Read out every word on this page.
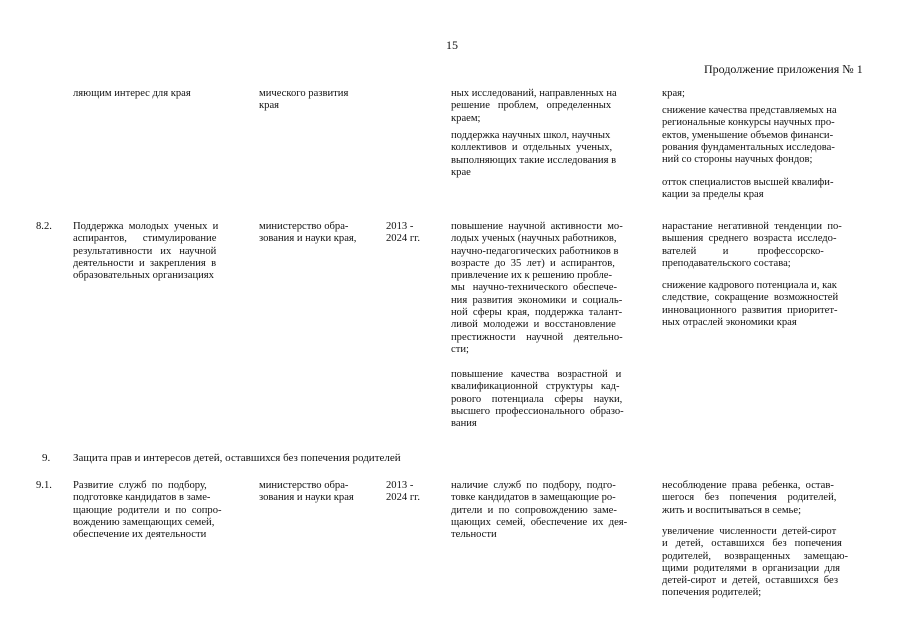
15
Продолжение приложения № 1
ляющим интерес для края	мического развития
края
ных исследований, направленных на
решение   проблем,   определенных
краем;
поддержка научных школ, научных
коллективов  и  отдельных  ученых,
выполняющих такие исследования в
крае
края;
снижение качества представляемых на
региональные конкурсы научных про-
ектов, уменьшение объемов финанси-
рования фундаментальных исследова-
ний со стороны научных фондов;
отток специалистов высшей квалифи-
кации за пределы края
8.2. Поддержка  молодых  ученых  и
аспирантов,      стимулирование
результативности   их   научной
деятельности  и  закрепления  в
образовательных организациях
министерство обра-
зования и науки края,
2013 -
2024 гг.
повышение  научной  активности  мо-
лодых ученых (научных работников,
научно-педагогических работников в
возрасте  до  35  лет)  и  аспирантов,
привлечение их к решению пробле-
мы   научно-технического  обеспече-
ния  развития  экономики  и  социаль-
ной  сферы  края,  поддержка  талант-
ливой  молодежи  и  восстановление
престижности    научной    деятельно-
сти;
повышение   качества   возрастной   и
квалификационной   структуры   кад-
рового    потенциала    сферы    науки,
высшего  профессионального  образо-
вания
нарастание  негативной  тенденции  по-
вышения  среднего  возраста  исследо-
вателей          и           профессорско-
преподавательского состава;
снижение кадрового потенциала и, как
следствие,  сокращение  возможностей
инновационного  развития  приоритет-
ных отраслей экономики края
9. Защита прав и интересов детей, оставшихся без попечения родителей
9.1. Развитие  служб  по  подбору,
подготовке кандидатов в заме-
щающие  родители  и  по  сопро-
вождению замещающих семей,
обеспечение их деятельности
министерство обра-
зования и науки края
2013 -
2024 гг.
наличие  служб  по  подбору,  подго-
товке кандидатов в замещающие ро-
дители  и  по  сопровождению  заме-
щающих  семей,  обеспечение  их  дея-
тельности
несоблюдение  права  ребенка,  остав-
шегося    без    попечения    родителей,
жить и воспитываться в семье;
увеличение  численности  детей-сирот
и   детей,   оставшихся   без   попечения
родителей,     возвращенных     замещаю-
щими  родителями  в  организации  для
детей-сирот  и  детей,  оставшихся  без
попечения родителей;
